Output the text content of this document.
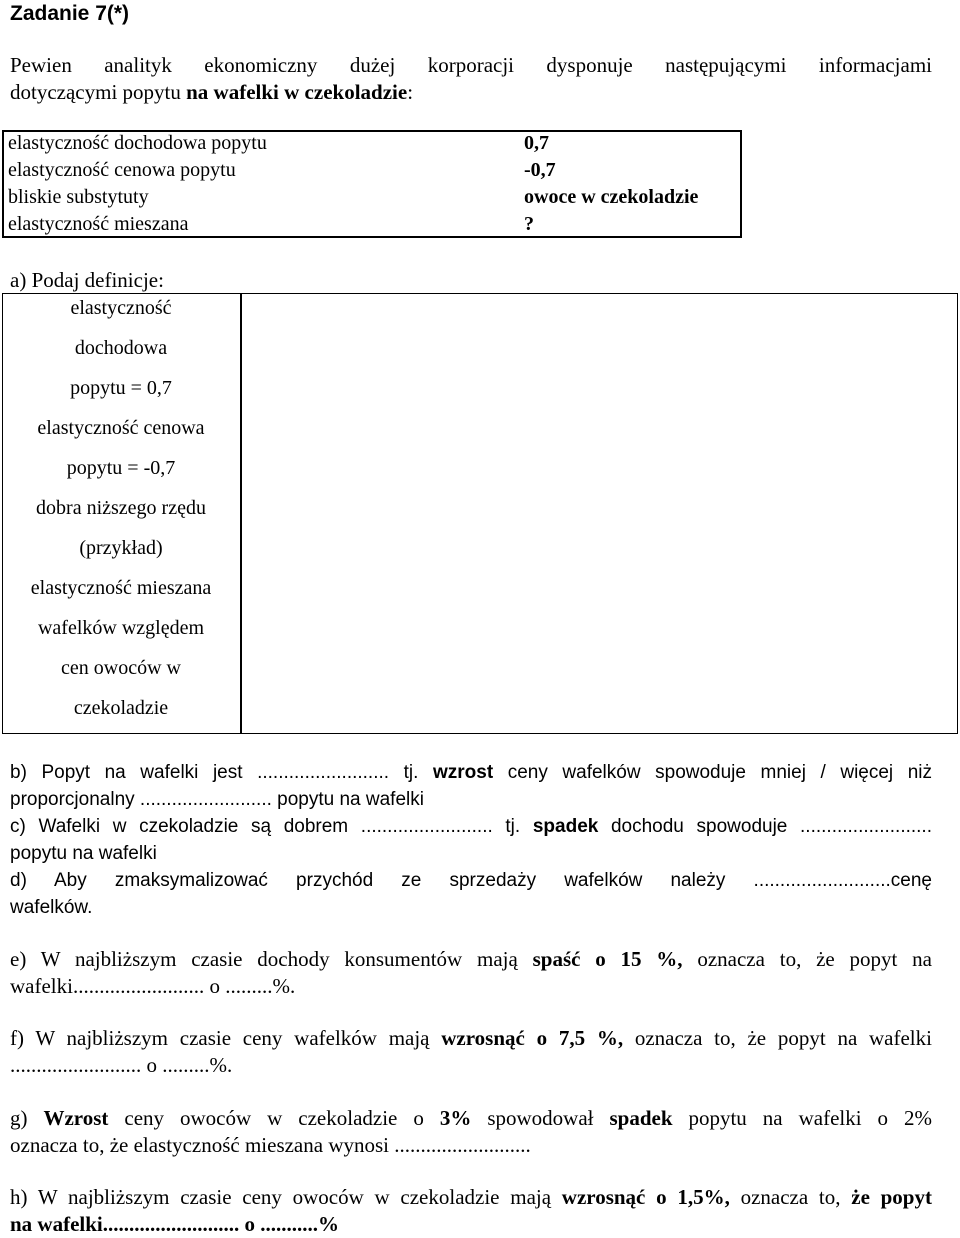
Zadanie 7(*)
Pewien analityk ekonomiczny dużej korporacji dysponuje następującymi informacjami
dotyczącymi popytu na wafelki w czekoladzie:
elastyczność dochodowa popytu	0,7
elastyczność cenowa popytu	-0,7
bliskie substytuty	owoce w czekoladzie
elastyczność mieszana	?
a) Podaj definicje:
elastyczność
dochodowa
popytu = 0,7
elastyczność cenowa
popytu = -0,7
dobra niższego rzędu
(przykład)
elastyczność mieszana
wafelków względem
cen owoców w
czekoladzie
b) Popyt na wafelki jest ......................... tj. wzrost ceny wafelków spowoduje mniej / więcej niż
proporcjonalny ......................... popytu na wafelki
c) Wafelki w czekoladzie są dobrem ......................... tj. spadek dochodu spowoduje .........................
popytu na wafelki
d) Aby zmaksymalizować przychód ze sprzedaży wafelków należy ..........................cenę
wafelków.
e) W najbliższym czasie dochody konsumentów mają spaść o 15 %, oznacza to, że popyt na
wafelki......................... o .........%.
f) W najbliższym czasie ceny wafelków mają wzrosnąć o 7,5 %, oznacza to, że popyt na wafelki
......................... o .........%.
g) Wzrost ceny owoców w czekoladzie o 3% spowodował spadek popytu na wafelki o 2%
oznacza to, że elastyczność mieszana wynosi ..........................
h) W najbliższym czasie ceny owoców w czekoladzie mają wzrosnąć o 1,5%, oznacza to, że popyt
na wafelki.......................... o ...........%
